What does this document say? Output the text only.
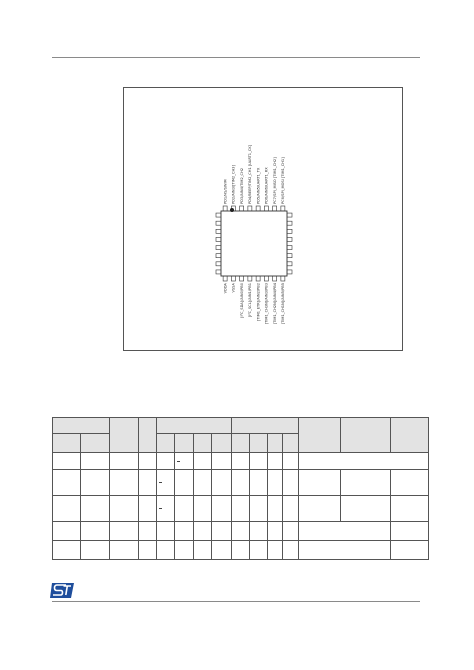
PD1/HS/SWIM PD2/AIN3/[TIM2_CH3] PD3/AIN4/TIM2_CH2 PD4/BEEP/TIM2_CH1 [UART1_CK] PD5/AIN5/UART1_TX PD6/AIN6/UART1_RX PC7/SPI_MISO [TIM1_CH2] PC6/SPI_MOSI [TIM1_CH1]
VDDA VSSA [I²C_SDA]/AIN0/PB0 [I²C_SCL]/AIN1/PB1 [TIM1_ETR]/AIN2/PB2 [TIM1_CH3N]/AIN3/PB3 [TIM1_CH2N]/AIN4/PB4 [TIM1_CH1N]/AIN5/PB5
